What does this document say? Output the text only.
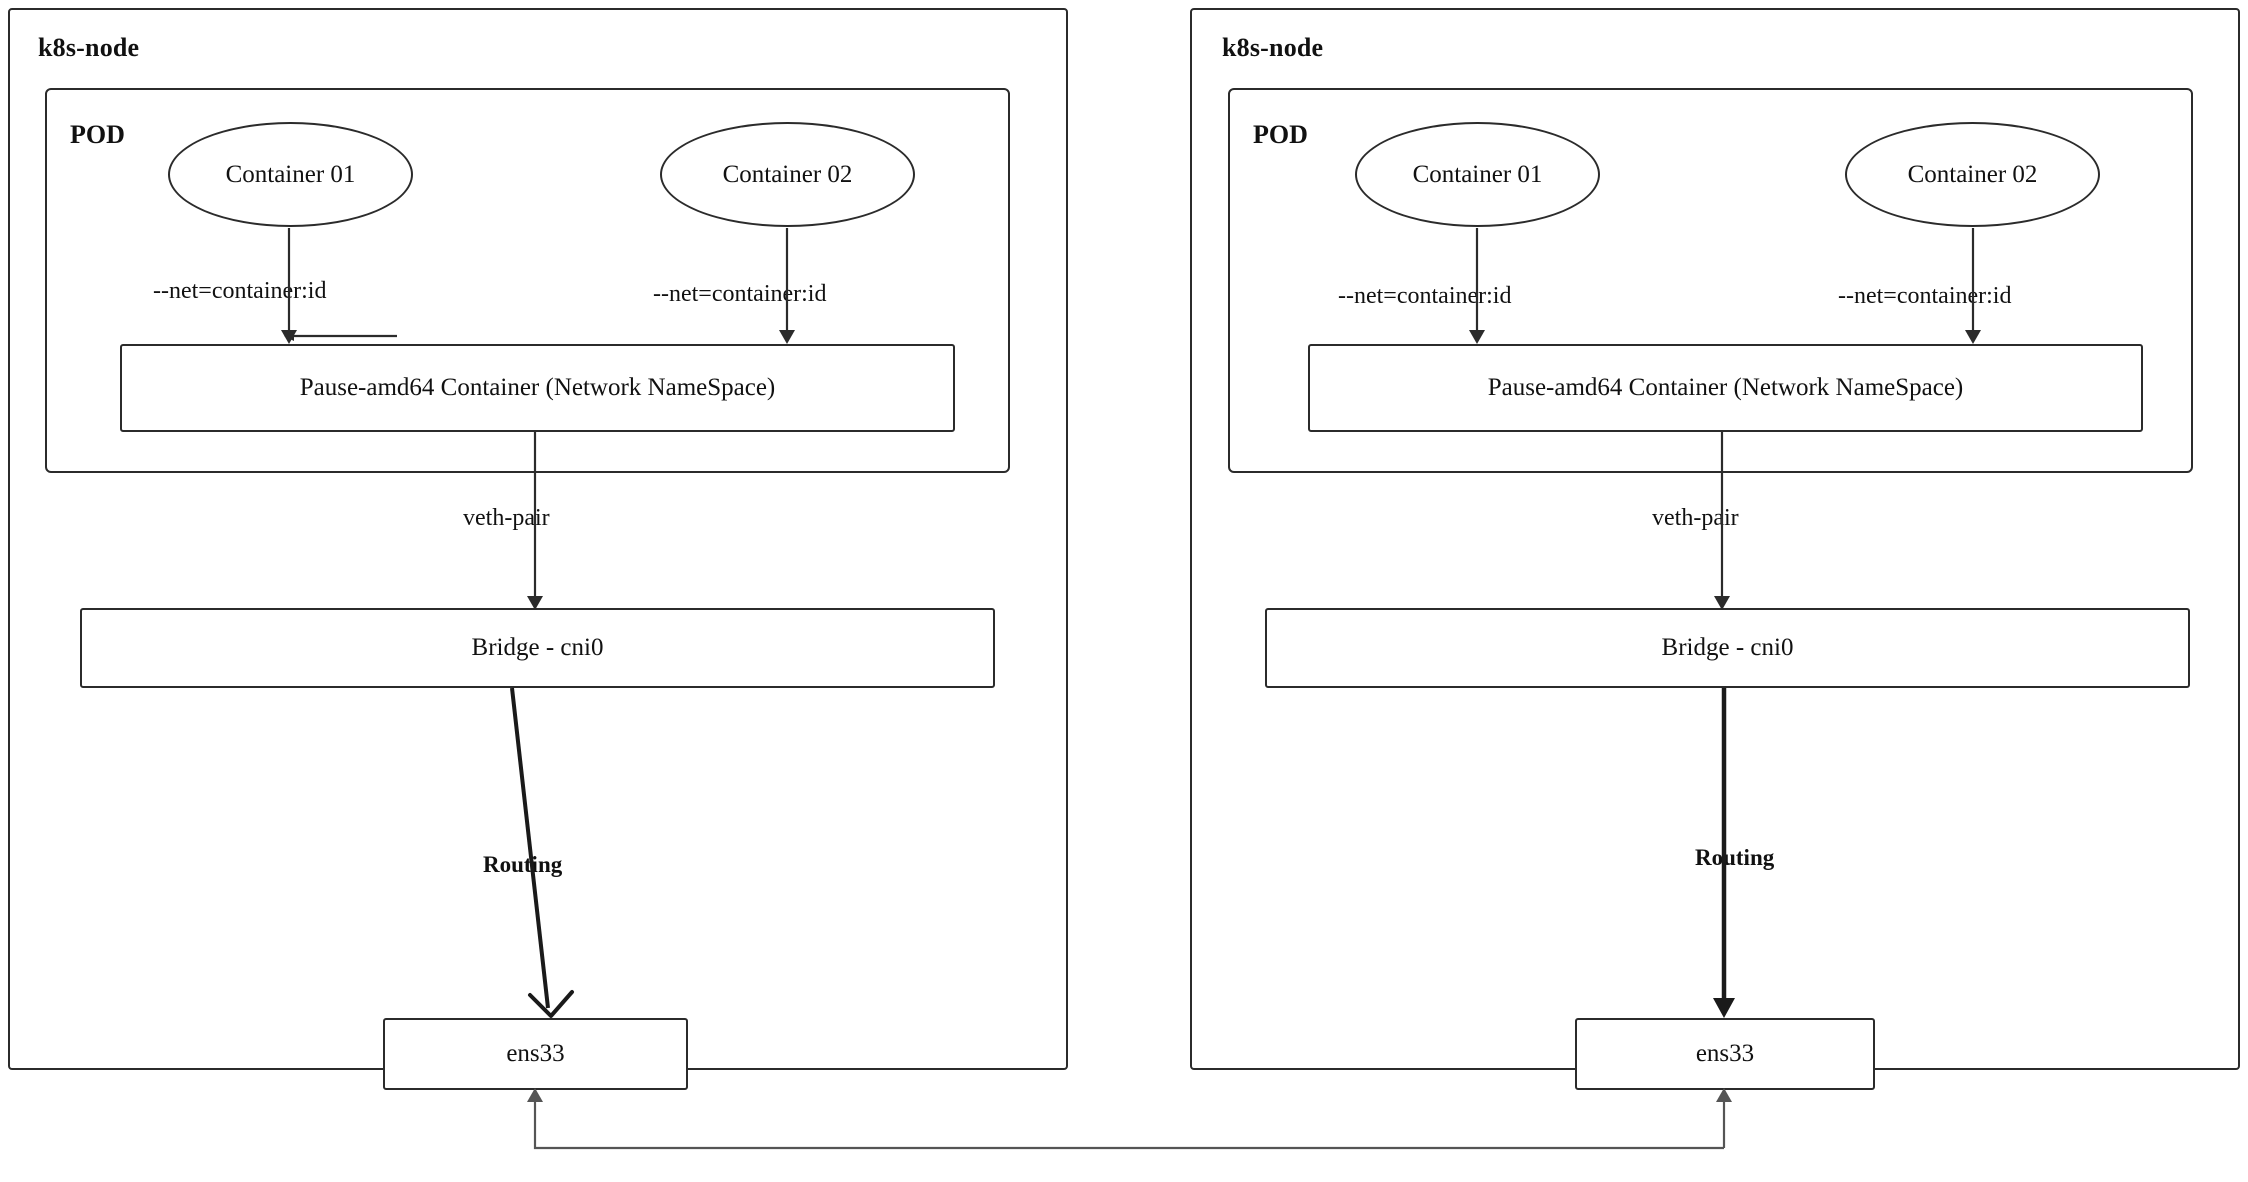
k8s-node
POD
Container 01	Container 02
--net=container:id	--net=container:id
Pause-amd64 Container (Network NameSpace)
veth-pair
Bridge - cni0
Routing
ens33
k8s-node
POD
Container 01	Container 02
--net=container:id	--net=container:id
Pause-amd64 Container (Network NameSpace)
veth-pair
Bridge - cni0
Routing
ens33
